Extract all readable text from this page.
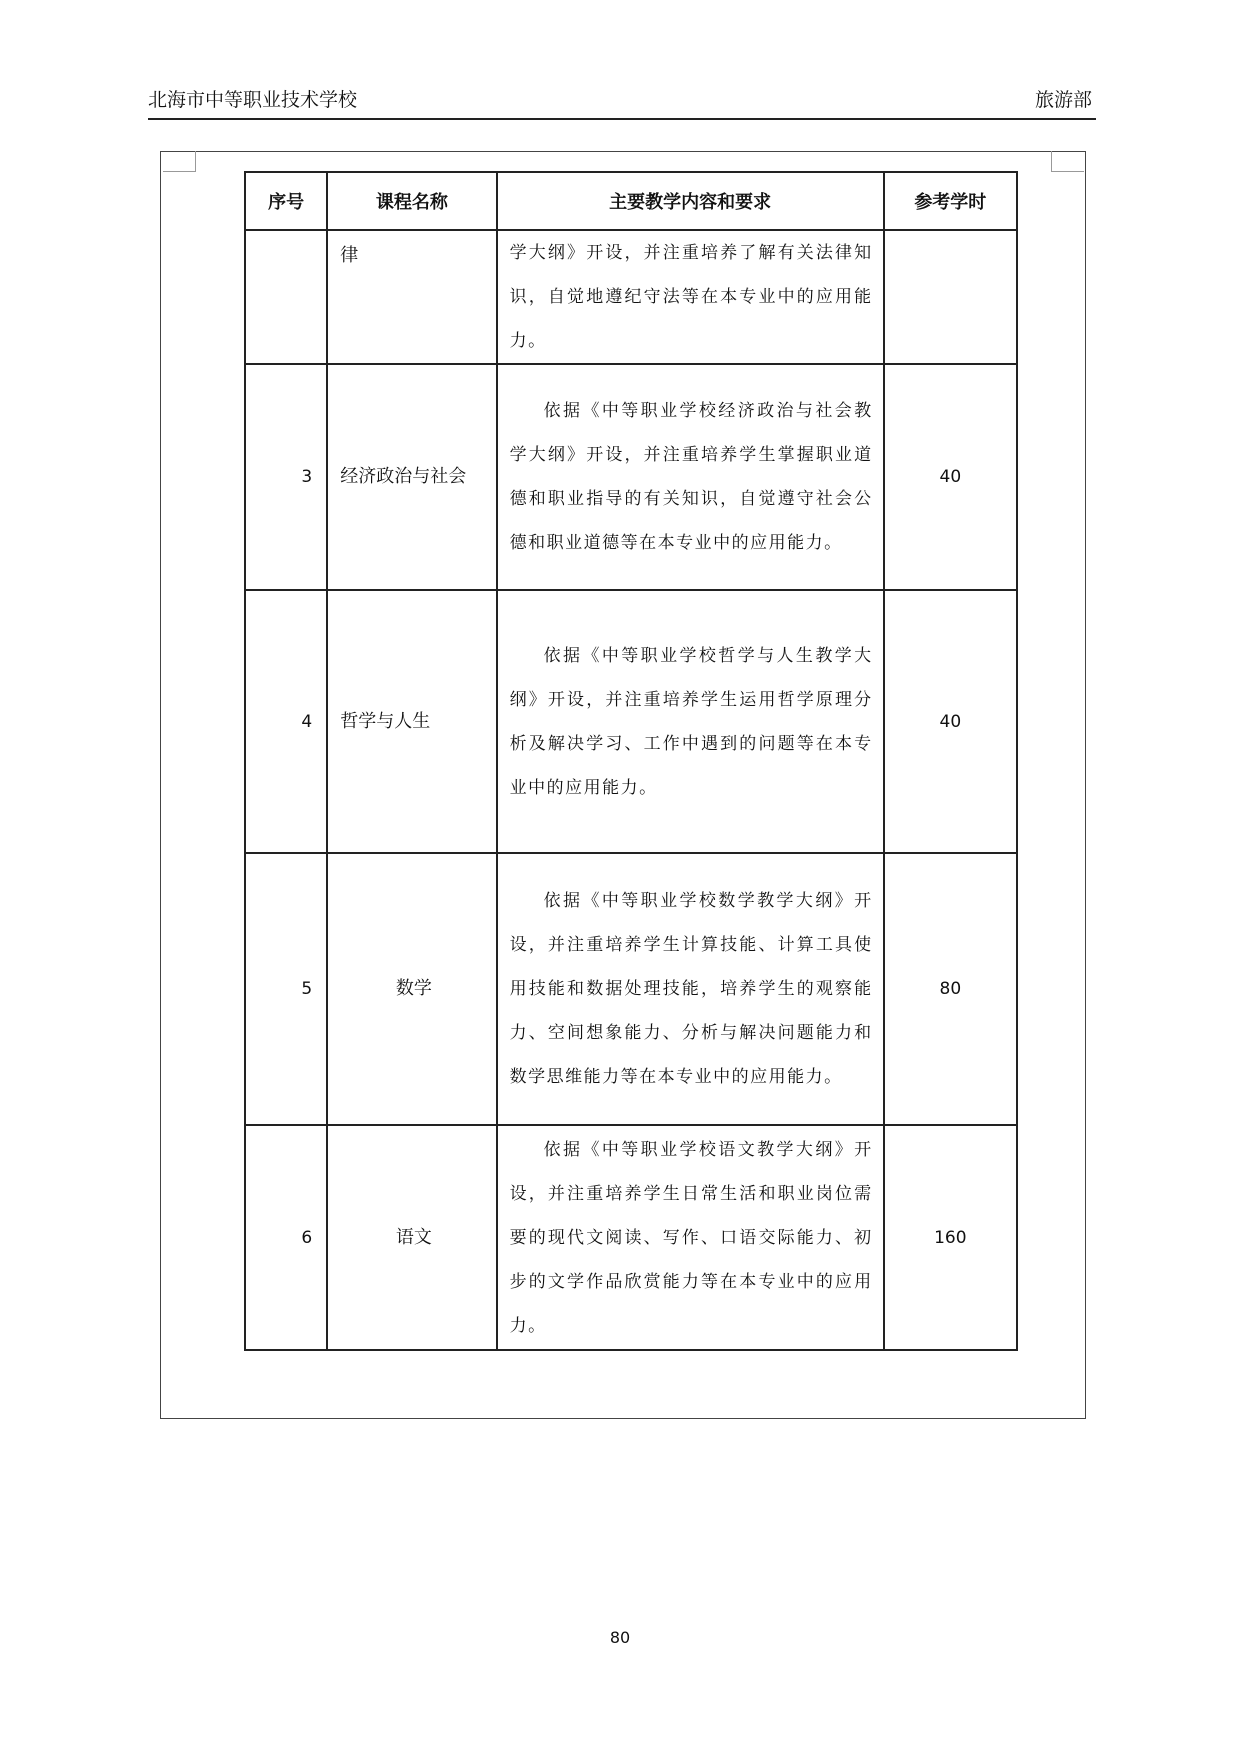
北海市中等职业技术学校	旅游部
序号	课程名称	主要教学内容和要求	参考学时
	律	学大纲》开设，并注重培养了解有关法律知识，自觉地遵纪守法等在本专业中的应用能力。	

3	经济政治与社会	依据《中等职业学校经济政治与社会教学大纲》开设，并注重培养学生掌握职业道德和职业指导的有关知识，自觉遵守社会公德和职业道德等在本专业中的应用能力。	40
4	哲学与人生	依据《中等职业学校哲学与人生教学大纲》开设，并注重培养学生运用哲学原理分析及解决学习、工作中遇到的问题等在本专业中的应用能力。	40
5	数学	依据《中等职业学校数学教学大纲》开设，并注重培养学生计算技能、计算工具使用技能和数据处理技能，培养学生的观察能力、空间想象能力、分析与解决问题能力和数学思维能力等在本专业中的应用能力。	80
6	语文	依据《中等职业学校语文教学大纲》开设，并注重培养学生日常生活和职业岗位需要的现代文阅读、写作、口语交际能力、初步的文学作品欣赏能力等在本专业中的应用力。	160
80
